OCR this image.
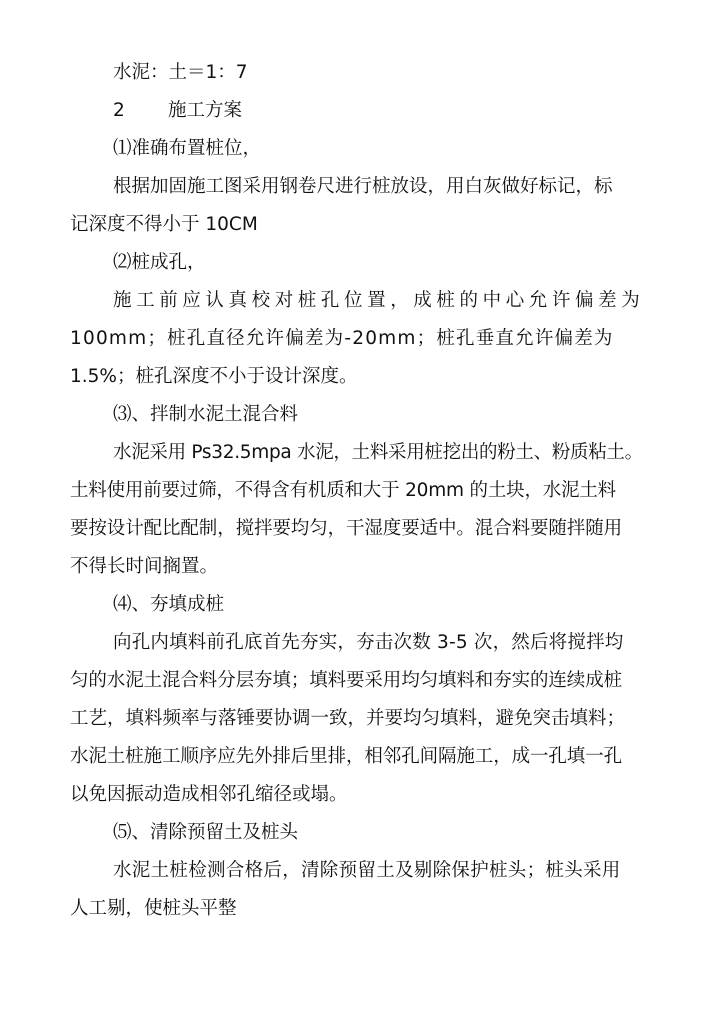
水泥：土＝1：7
2 施工方案
⑴准确布置桩位，
根据加固施工图采用钢卷尺进行桩放设，用白灰做好标记，标
记深度不得小于 10CM
⑵桩成孔，
施工前应认真校对桩孔位置，成桩的中心允许偏差为
100mm；桩孔直径允许偏差为-20mm；桩孔垂直允许偏差为
1.5%；桩孔深度不小于设计深度。
⑶、拌制水泥土混合料
水泥采用 Ps32.5mpa 水泥，土料采用桩挖出的粉土、粉质粘土。
土料使用前要过筛，不得含有机质和大于 20mm 的土块，水泥土料
要按设计配比配制，搅拌要均匀，干湿度要适中。混合料要随拌随用
不得长时间搁置。
⑷、夯填成桩
向孔内填料前孔底首先夯实，夯击次数 3-5 次，然后将搅拌均
匀的水泥土混合料分层夯填；填料要采用均匀填料和夯实的连续成桩
工艺，填料频率与落锤要协调一致，并要均匀填料，避免突击填料；
水泥土桩施工顺序应先外排后里排，相邻孔间隔施工，成一孔填一孔
以免因振动造成相邻孔缩径或塌。
⑸、清除预留土及桩头
水泥土桩检测合格后，清除预留土及剔除保护桩头；桩头采用
人工剔，使桩头平整
